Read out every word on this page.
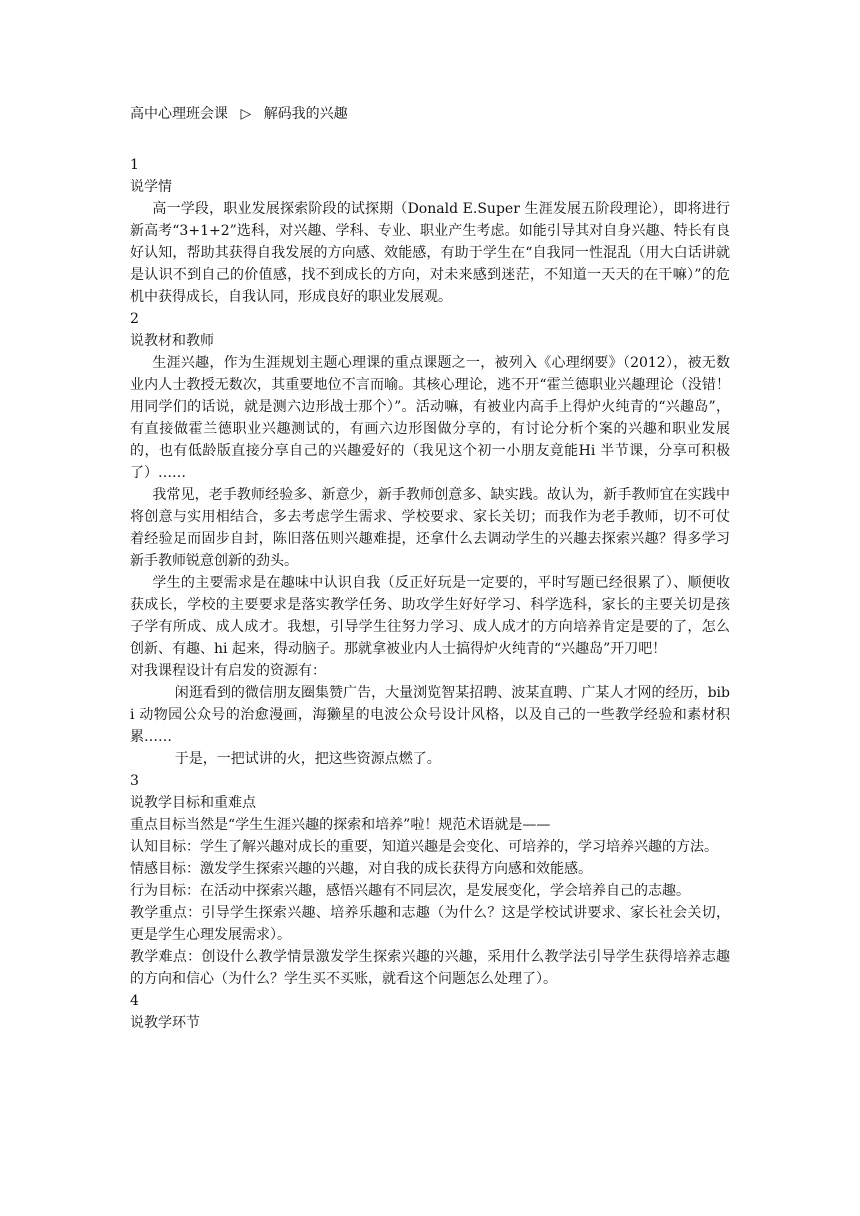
高中心理班会课 ▷ 解码我的兴趣
1
说学情

高一学段，职业发展探索阶段的试探期（Donald E.Super 生涯发展五阶段理论），即将进行新高考“3+1+2”选科，对兴趣、学科、专业、职业产生考虑。如能引导其对自身兴趣、特长有良好认知，帮助其获得自我发展的方向感、效能感，有助于学生在“自我同一性混乱（用大白话讲就是认识不到自己的价值感，找不到成长的方向，对未来感到迷茫，不知道一天天的在干嘛）”的危机中获得成长，自我认同，形成良好的职业发展观。

2
说教材和教师

生涯兴趣，作为生涯规划主题心理课的重点课题之一，被列入《心理纲要》（2012），被无数业内人士教授无数次，其重要地位不言而喻。其核心理论，逃不开“霍兰德职业兴趣理论（没错！用同学们的话说，就是测六边形战士那个）”。活动嘛，有被业内高手上得炉火纯青的“兴趣岛”，有直接做霍兰德职业兴趣测试的，有画六边形图做分享的，有讨论分析个案的兴趣和职业发展的，也有低龄版直接分享自己的兴趣爱好的（我见这个初一小朋友竟能Hi 半节课，分享可积极了）……

我常见，老手教师经验多、新意少，新手教师创意多、缺实践。故认为，新手教师宜在实践中将创意与实用相结合，多去考虑学生需求、学校要求、家长关切；而我作为老手教师，切不可仗着经验足而固步自封，陈旧落伍则兴趣难提，还拿什么去调动学生的兴趣去探索兴趣？得多学习新手教师锐意创新的劲头。

学生的主要需求是在趣味中认识自我（反正好玩是一定要的，平时写题已经很累了）、顺便收获成长，学校的主要要求是落实教学任务、助攻学生好好学习、科学选科，家长的主要关切是孩子学有所成、成人成才。我想，引导学生往努力学习、成人成才的方向培养肯定是要的了，怎么创新、有趣、hi 起来，得动脑子。那就拿被业内人士搞得炉火纯青的“兴趣岛”开刀吧！

对我课程设计有启发的资源有：

闲逛看到的微信朋友圈集赞广告，大量浏览智某招聘、波某直聘、广某人才网的经历，bibi 动物园公众号的治愈漫画，海獭星的电波公众号设计风格，以及自己的一些教学经验和素材积累……

于是，一把试讲的火，把这些资源点燃了。

3
说教学目标和重难点

重点目标当然是“学生生涯兴趣的探索和培养”啦！规范术语就是——

认知目标：学生了解兴趣对成长的重要，知道兴趣是会变化、可培养的，学习培养兴趣的方法。

情感目标：激发学生探索兴趣的兴趣，对自我的成长获得方向感和效能感。

行为目标：在活动中探索兴趣，感悟兴趣有不同层次，是发展变化，学会培养自己的志趣。

教学重点：引导学生探索兴趣、培养乐趣和志趣（为什么？这是学校试讲要求、家长社会关切，更是学生心理发展需求）。

教学难点：创设什么教学情景激发学生探索兴趣的兴趣，采用什么教学法引导学生获得培养志趣的方向和信心（为什么？学生买不买账，就看这个问题怎么处理了）。

4
说教学环节
